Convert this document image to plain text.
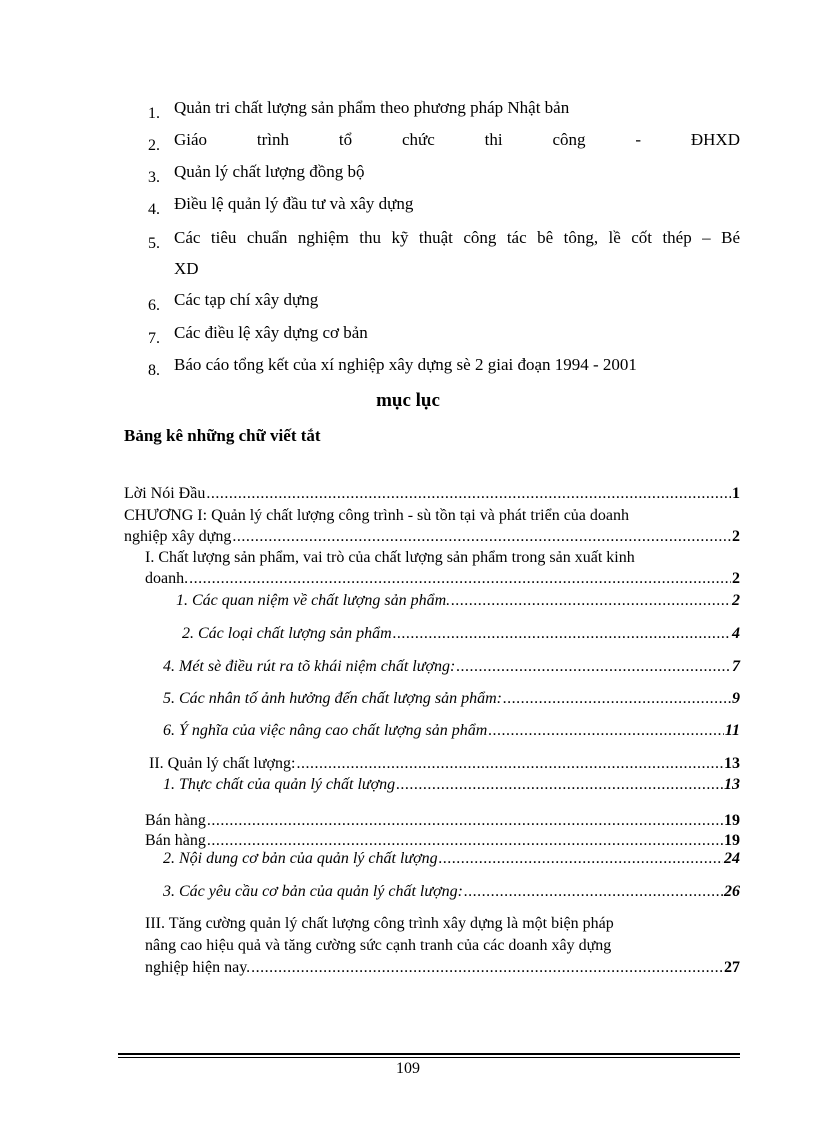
1. Quản tri chất lượng sản phẩm theo phương pháp Nhật bản
2. Giáo trình tổ chức thi công - ĐHXD
3. Quản lý chất lượng đồng bộ
4. Điều lệ quản lý đầu tư và xây dựng
5. Các tiêu chuẩn nghiệm thu kỹ thuật công tác bê tông, lề cốt thép – Bé
XD
6. Các tạp chí xây dựng
7. Các điều lệ xây dựng cơ bản
8. Báo cáo tổng kết của xí nghiệp xây dựng sè 2 giai đoạn 1994 - 2001
mục lục
Bảng kê những chữ viết tắt
Lời Nói Đầu .....	1
CHƯƠNG I: Quản lý chất lượng công trình - sù tồn tại và phát triển của doanh
nghiệp xây dựng .....	2
I. Chất lượng sản phẩm, vai trò của chất lượng sản phẩm trong sản xuất kinh
doanh. .....	2
1. Các quan niệm về chất lượng sản phẩm. .....	2
2. Các loại chất lượng sản phẩm .....	4
4. Mét sè điều rút ra tõ khái niệm chất lượng: .....	7
5. Các nhân tố ảnh hưởng đến chất lượng sản phẩm: .....	9
6. Ý nghĩa của việc nâng cao chất lượng sản phẩm .....	11
II. Quản lý chất lượng: .....	13
1. Thực chất của quản lý chất lượng .....	13
Bán hàng .....	19
Bán hàng .....	19
2. Nội dung cơ bản của quản lý chất lượng .....	24
3. Các yêu cầu cơ bản của quản lý chất lượng: .....	26
III. Tăng cường quản lý chất lượng công trình xây dựng là một biện pháp
nâng cao hiệu quả và tăng cường sức cạnh tranh của các doanh xây dựng
nghiệp hiện nay. .....	27
109
